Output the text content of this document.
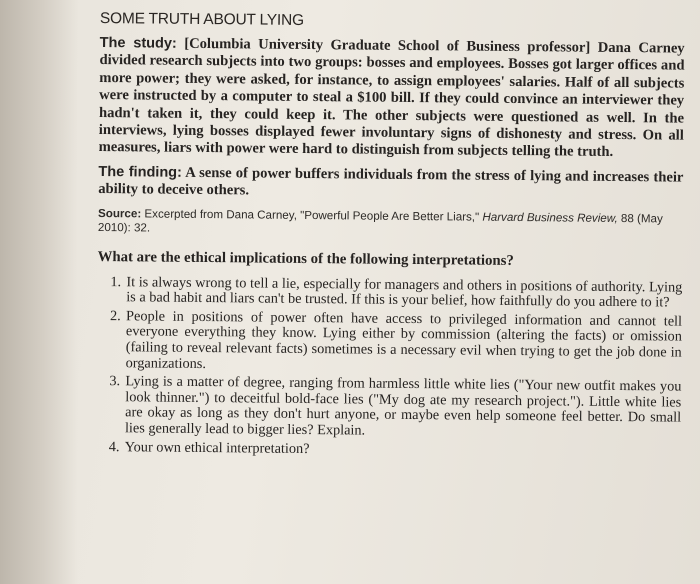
SOME TRUTH ABOUT LYING

The study: [Columbia University Graduate School of Business professor] Dana Carney divided research subjects into two groups: bosses and employees. Bosses got larger offices and more power; they were asked, for instance, to assign employees' salaries. Half of all subjects were instructed by a computer to steal a $100 bill. If they could convince an interviewer they hadn't taken it, they could keep it. The other subjects were questioned as well. In the interviews, lying bosses displayed fewer involuntary signs of dishonesty and stress. On all measures, liars with power were hard to distinguish from subjects telling the truth.

The finding: A sense of power buffers individuals from the stress of lying and increases their ability to deceive others.

Source: Excerpted from Dana Carney, "Powerful People Are Better Liars," Harvard Business Review, 88 (May 2010): 32.
What are the ethical implications of the following interpretations?
1. It is always wrong to tell a lie, especially for managers and others in positions of authority. Lying is a bad habit and liars can't be trusted. If this is your belief, how faithfully do you adhere to it?
2. People in positions of power often have access to privileged information and cannot tell everyone everything they know. Lying either by commission (altering the facts) or omission (failing to reveal relevant facts) sometimes is a necessary evil when trying to get the job done in organizations.
3. Lying is a matter of degree, ranging from harmless little white lies ("Your new outfit makes you look thinner.") to deceitful bold-face lies ("My dog ate my research project."). Little white lies are okay as long as they don't hurt anyone, or maybe even help someone feel better. Do small lies generally lead to bigger lies? Explain.
4. Your own ethical interpretation?
